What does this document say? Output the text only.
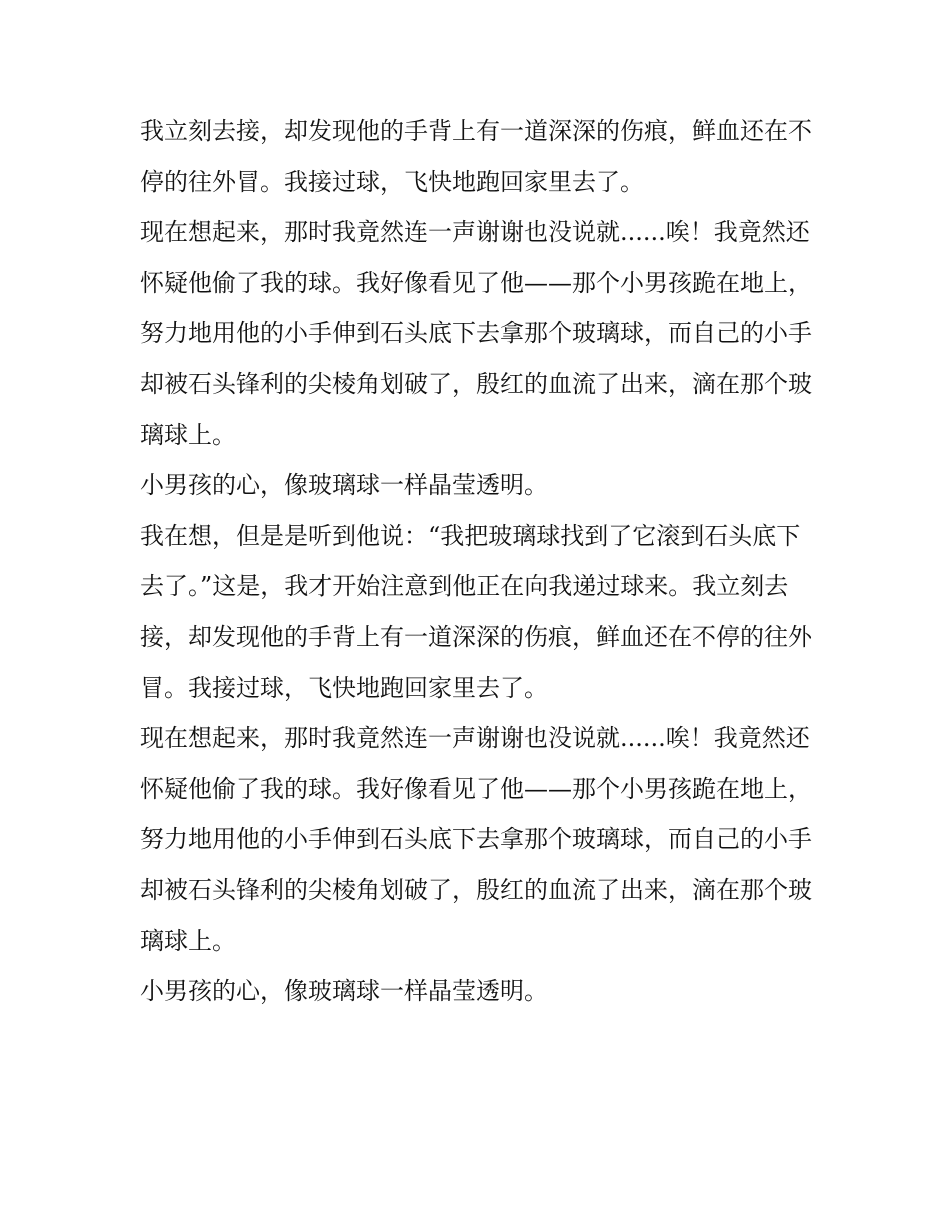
我立刻去接，却发现他的手背上有一道深深的伤痕，鲜血还在不停的往外冒。我接过球，飞快地跑回家里去了。

现在想起来，那时我竟然连一声谢谢也没说就......唉！我竟然还怀疑他偷了我的球。我好像看见了他——那个小男孩跪在地上，努力地用他的小手伸到石头底下去拿那个玻璃球，而自己的小手却被石头锋利的尖棱角划破了，殷红的血流了出来，滴在那个玻璃球上。

小男孩的心，像玻璃球一样晶莹透明。

我在想，但是是听到他说：“我把玻璃球找到了它滚到石头底下去了。”这是，我才开始注意到他正在向我递过球来。我立刻去接，却发现他的手背上有一道深深的伤痕，鲜血还在不停的往外冒。我接过球，飞快地跑回家里去了。

现在想起来，那时我竟然连一声谢谢也没说就......唉！我竟然还怀疑他偷了我的球。我好像看见了他——那个小男孩跪在地上，努力地用他的小手伸到石头底下去拿那个玻璃球，而自己的小手却被石头锋利的尖棱角划破了，殷红的血流了出来，滴在那个玻璃球上。

小男孩的心，像玻璃球一样晶莹透明。
